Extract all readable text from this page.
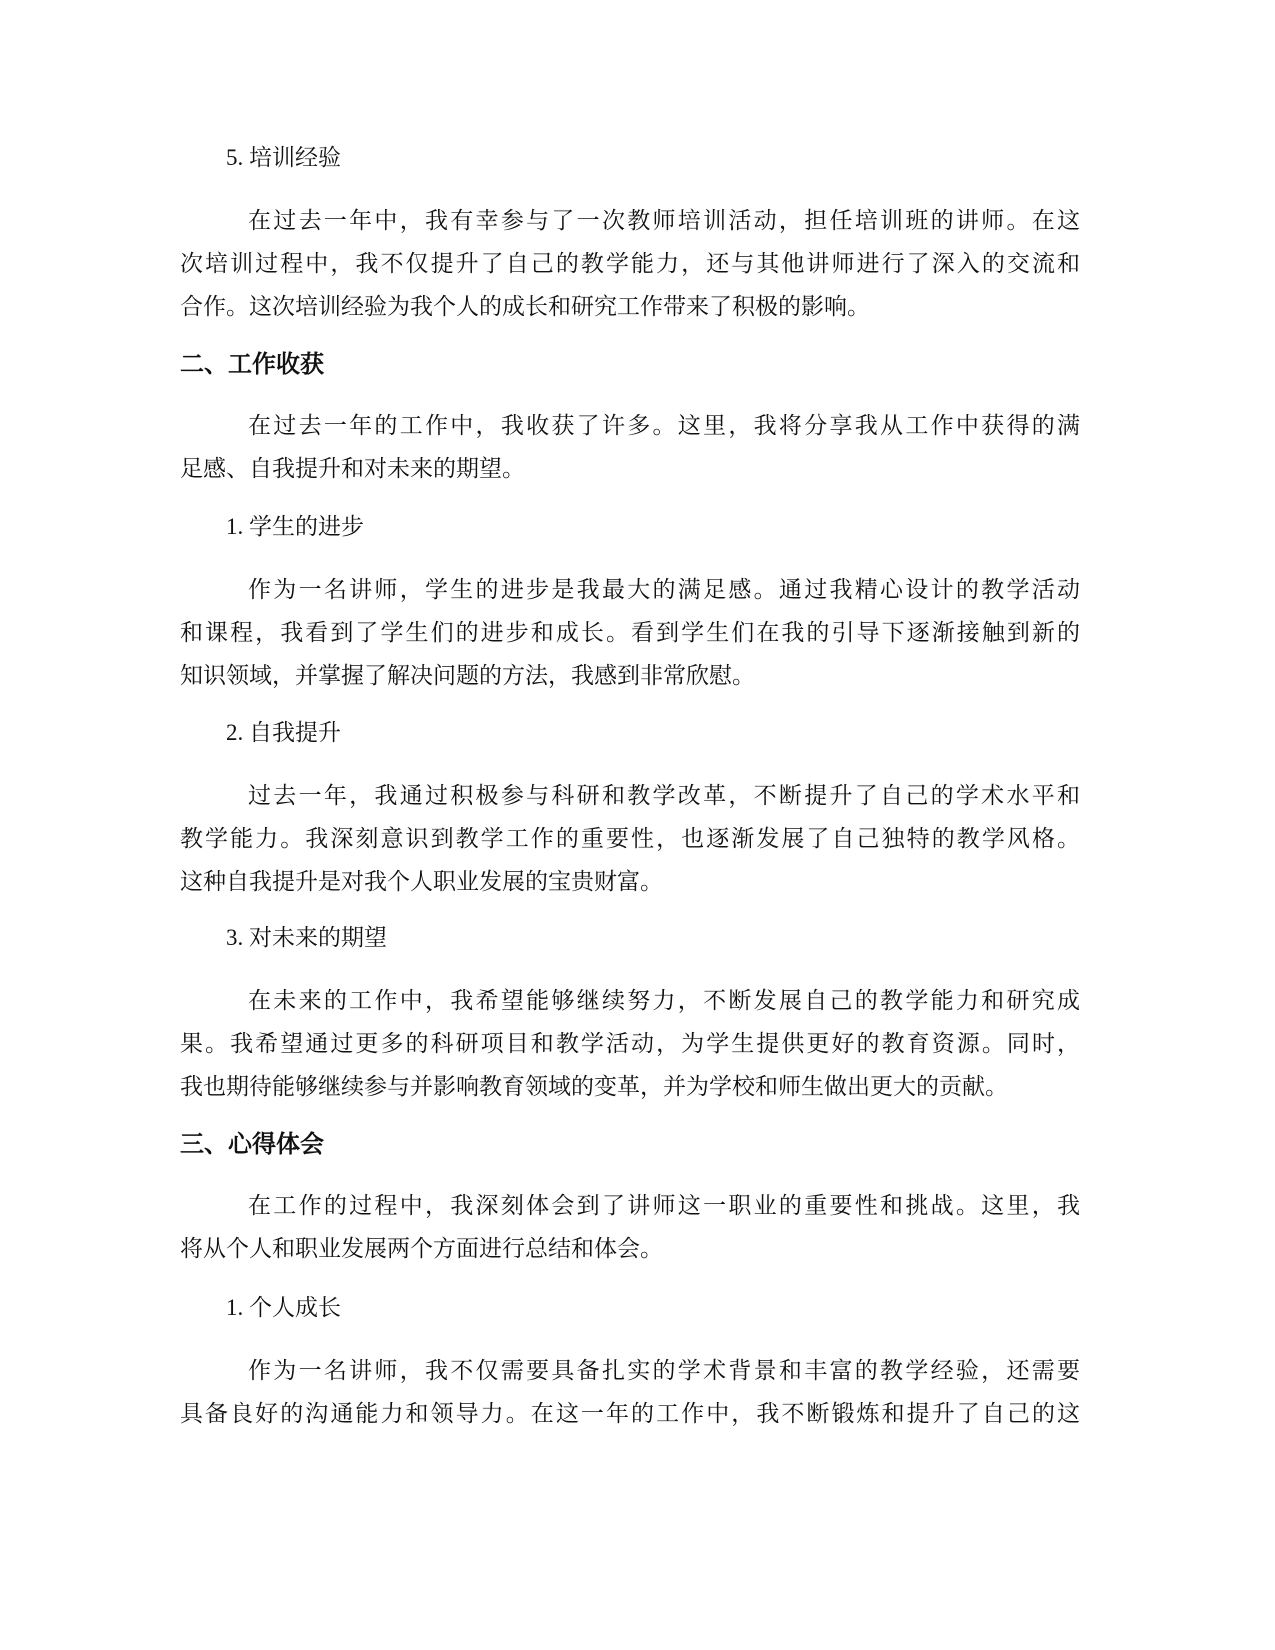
5. 培训经验
在过去一年中，我有幸参与了一次教师培训活动，担任培训班的讲师。在这
次培训过程中，我不仅提升了自己的教学能力，还与其他讲师进行了深入的交流和
合作。这次培训经验为我个人的成长和研究工作带来了积极的影响。
二、工作收获
在过去一年的工作中，我收获了许多。这里，我将分享我从工作中获得的满
足感、自我提升和对未来的期望。
1. 学生的进步
作为一名讲师，学生的进步是我最大的满足感。通过我精心设计的教学活动
和课程，我看到了学生们的进步和成长。看到学生们在我的引导下逐渐接触到新的
知识领域，并掌握了解决问题的方法，我感到非常欣慰。
2. 自我提升
过去一年，我通过积极参与科研和教学改革，不断提升了自己的学术水平和
教学能力。我深刻意识到教学工作的重要性，也逐渐发展了自己独特的教学风格。
这种自我提升是对我个人职业发展的宝贵财富。
3. 对未来的期望
在未来的工作中，我希望能够继续努力，不断发展自己的教学能力和研究成
果。我希望通过更多的科研项目和教学活动，为学生提供更好的教育资源。同时，
我也期待能够继续参与并影响教育领域的变革，并为学校和师生做出更大的贡献。
三、心得体会
在工作的过程中，我深刻体会到了讲师这一职业的重要性和挑战。这里，我
将从个人和职业发展两个方面进行总结和体会。
1. 个人成长
作为一名讲师，我不仅需要具备扎实的学术背景和丰富的教学经验，还需要
具备良好的沟通能力和领导力。在这一年的工作中，我不断锻炼和提升了自己的这
